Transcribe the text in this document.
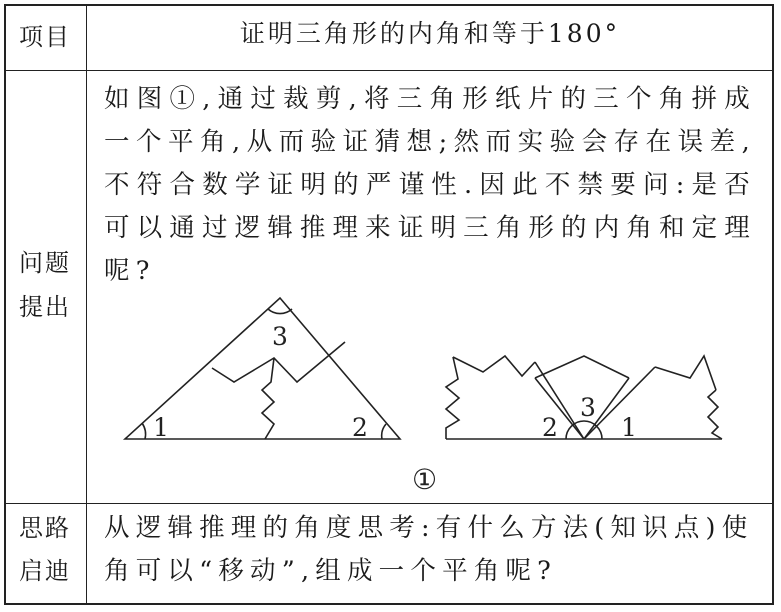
项目	证明三角形的内角和等于180°
问题
提出
如图①,通过裁剪,将三角形纸片的三个角拼成一个平角,从而验证猜想;然而实验会存在误差,不符合数学证明的严谨性.因此不禁要问:是否可以通过逻辑推理来证明三角形的内角和定理呢?
1	2
3
2
3
1
①
思路
启迪
从逻辑推理的角度思考:有什么方法(知识点)使角可以“移动”,组成一个平角呢?
